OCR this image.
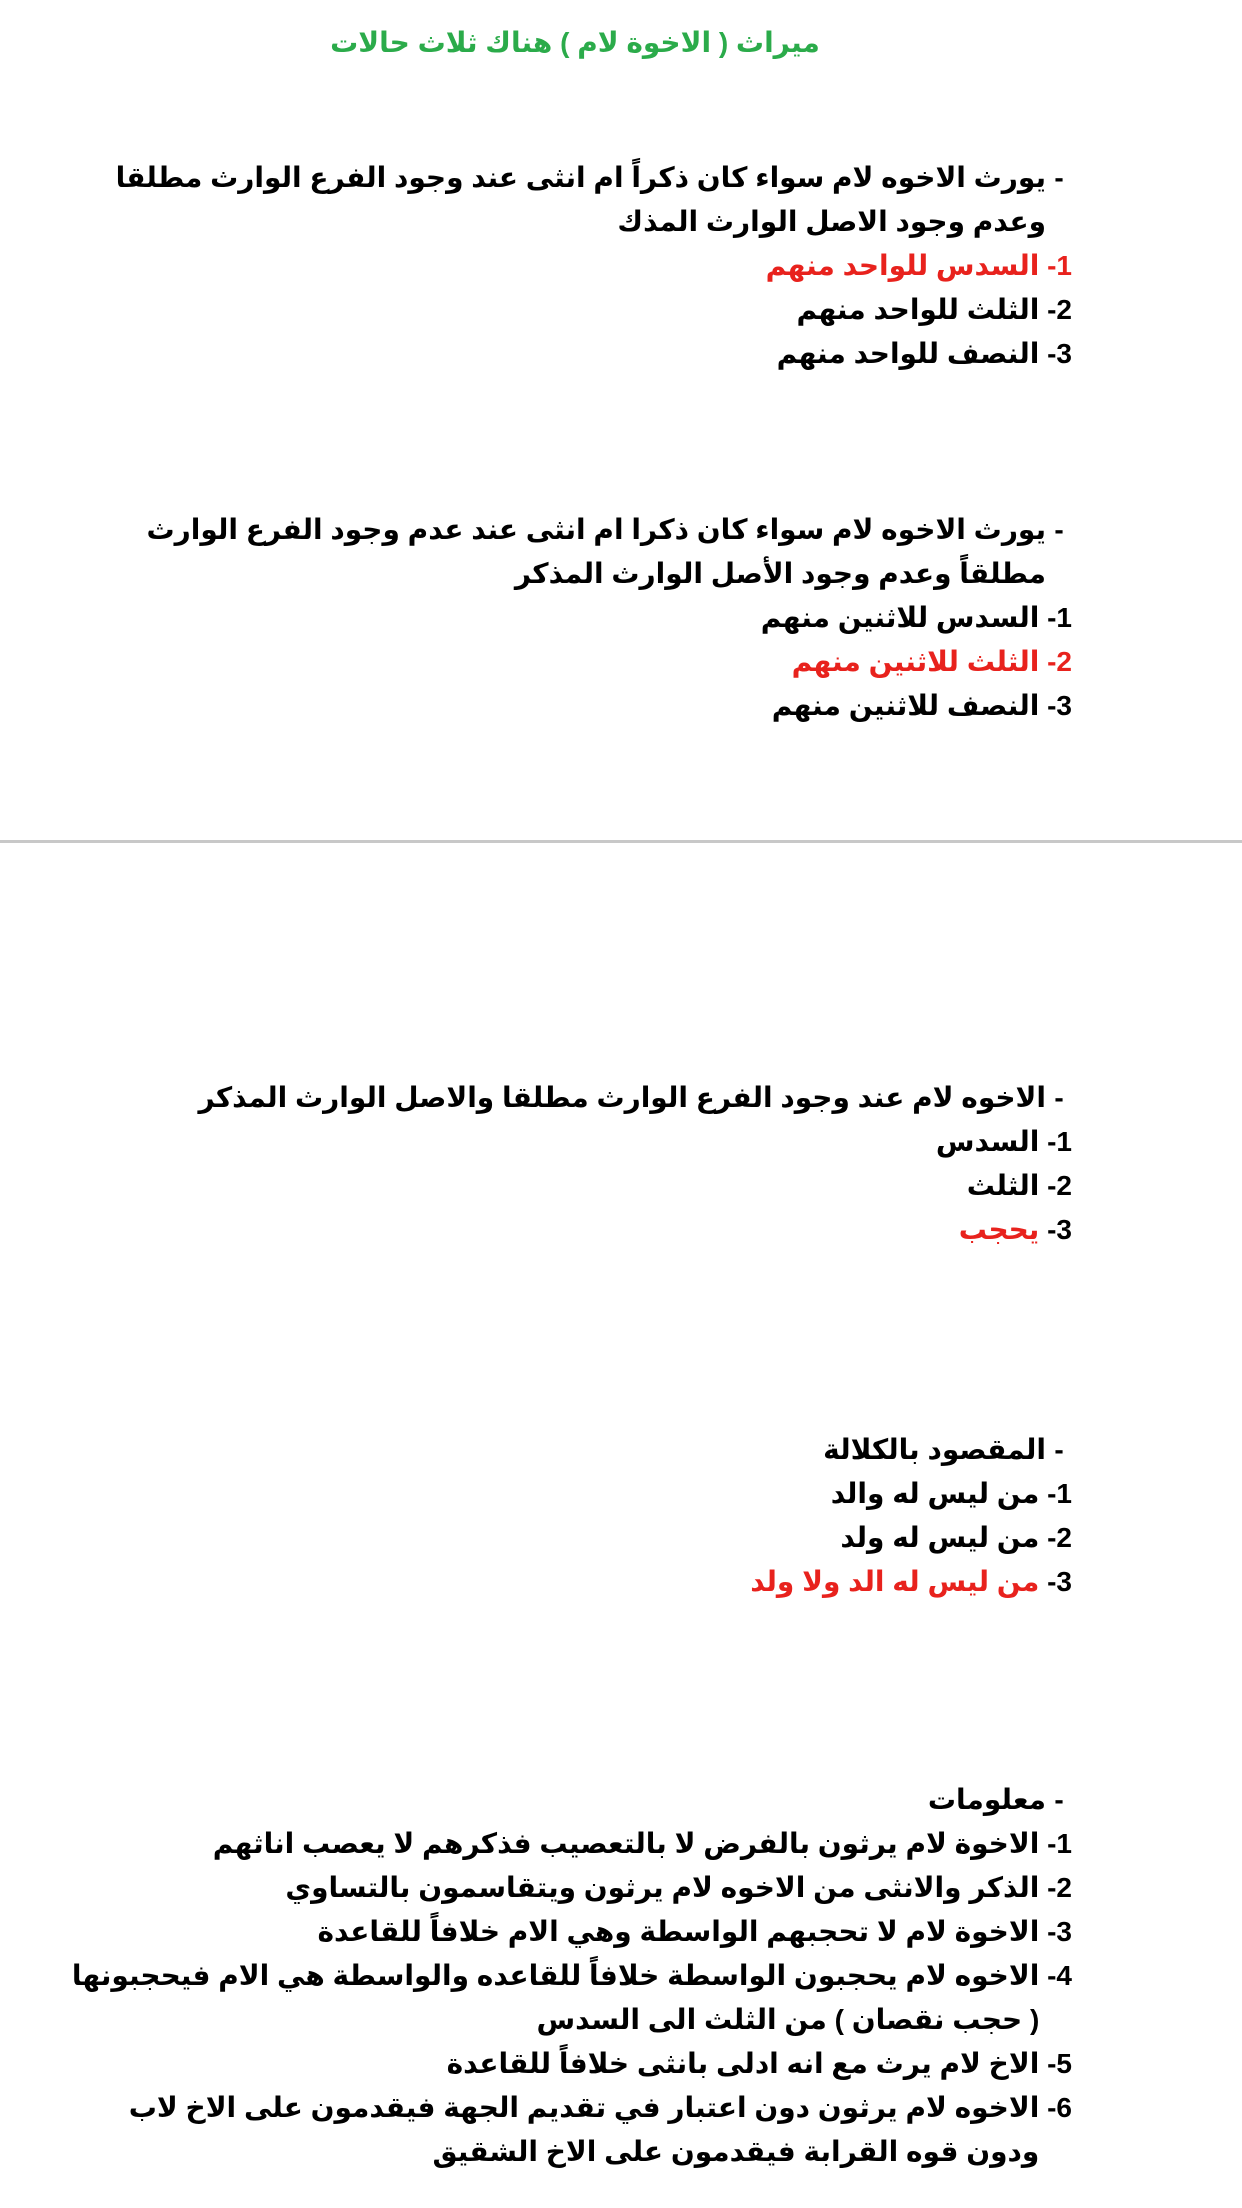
ميراث ( الاخوة لام ) هناك ثلاث حالات
-
يورث الاخوه لام سواء كان ذكراً ام انثى عند وجود الفرع الوارث مطلقا وعدم وجود الاصل الوارث المذك
1-

السدس للواحد منهم
2-

الثلث للواحد منهم
3-

النصف للواحد منهم
-
يورث الاخوه لام سواء كان ذكرا ام انثى عند عدم وجود الفرع الوارث مطلقاً وعدم وجود الأصل الوارث المذكر
1-

السدس للاثنين منهم
2-

الثلث للاثنين منهم
3-

النصف للاثنين منهم
-
الاخوه لام عند وجود الفرع الوارث مطلقا والاصل الوارث المذكر
1-

السدس
2-

الثلث
3-

يحجب
-
المقصود بالكلالة
1-

من ليس له والد
2-

من ليس له ولد
3-

من ليس له الد ولا ولد
-
معلومات
1-

الاخوة لام يرثون بالفرض لا بالتعصيب فذكرهم لا يعصب اناثهم
2-

الذكر والانثى من الاخوه لام يرثون ويتقاسمون بالتساوي
3-

الاخوة لام لا تحجبهم الواسطة وهي الام خلافاً للقاعدة
4-

الاخوه لام يحجبون الواسطة خلافاً للقاعده والواسطة هي الام فيحجبونها ( حجب نقصان ) من الثلث الى السدس
5-

الاخ لام يرث مع انه ادلى بانثى خلافاً للقاعدة
6-

الاخوه لام يرثون دون اعتبار في تقديم الجهة فيقدمون على الاخ لاب ودون قوه القرابة فيقدمون على الاخ الشقيق
